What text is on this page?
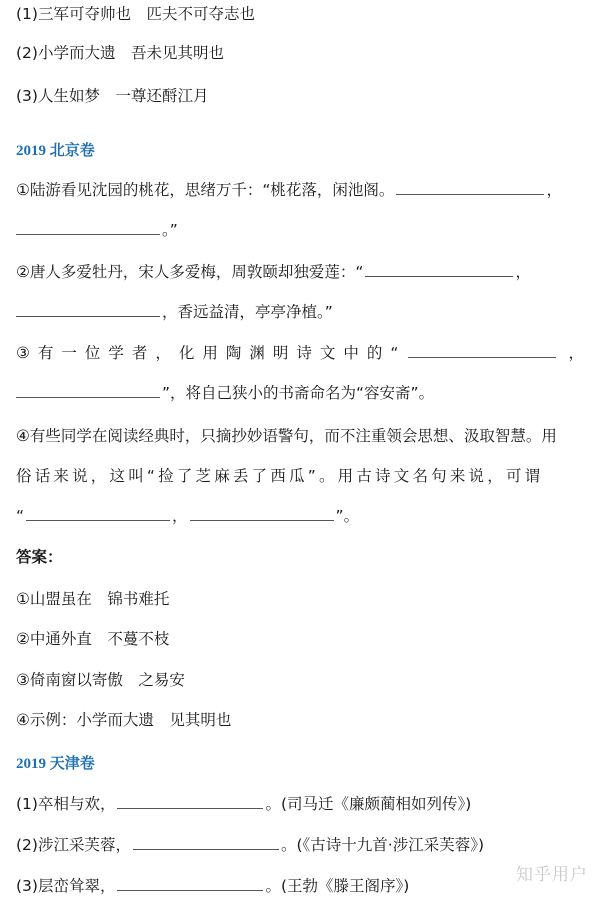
(1)三军可夺帅也　匹夫不可夺志也
(2)小学而大遗　吾未见其明也
(3)人生如梦　一尊还酹江月
2019 北京卷
①陆游看见沈园的桃花，思绪万千：“桃花落，闲池阁。	，
。”
②唐人多爱牡丹，宋人多爱梅，周敦颐却独爱莲：“	，
，香远益清，亭亭净植。”
③有一位学者，化用陶渊明诗文中的“	，
”，将自己狭小的书斋命名为“容安斋”。
④有些同学在阅读经典时，只摘抄妙语警句，而不注重领会思想、汲取智慧。用
俗话来说，这叫“捡了芝麻丢了西瓜”。用古诗文名句来说，可谓
“	，	”。
答案：
①山盟虽在　锦书难托
②中通外直　不蔓不枝
③倚南窗以寄傲　之易安
④示例：小学而大遗　见其明也
2019 天津卷
(1)卒相与欢，	。(司马迁《廉颇蔺相如列传》)
(2)涉江采芙蓉，	。(《古诗十九首·涉江采芙蓉》)
(3)层峦耸翠，	。(王勃《滕王阁序》)
知乎用户
